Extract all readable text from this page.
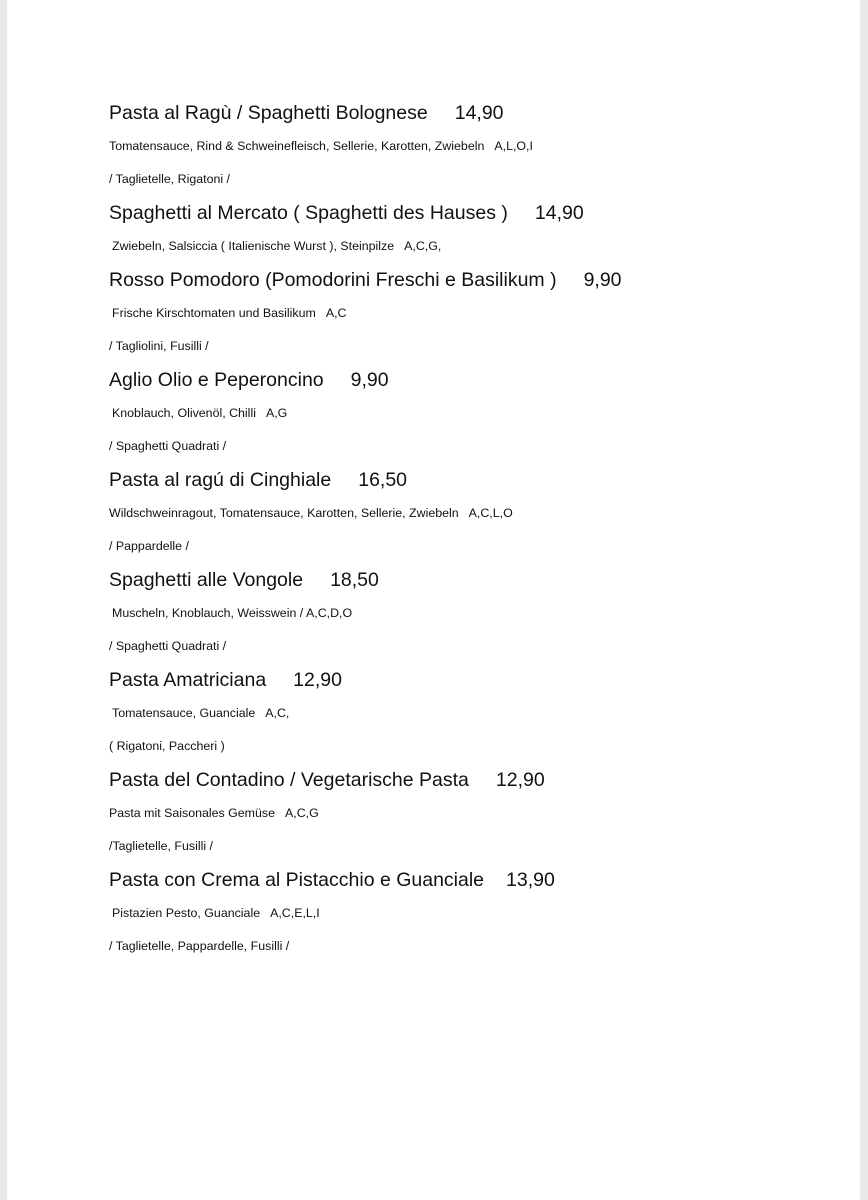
Pasta al Ragù / Spaghetti Bolognese 14,90
Tomatensauce, Rind & Schweinefleisch, Sellerie, Karotten, Zwiebeln A,L,O,I
/ Taglietelle, Rigatoni /
Spaghetti al Mercato ( Spaghetti des Hauses ) 14,90
Zwiebeln, Salsiccia ( Italienische Wurst ), Steinpilze A,C,G,
Rosso Pomodoro (Pomodorini Freschi e Basilikum ) 9,90
Frische Kirschtomaten und Basilikum A,C
/ Tagliolini, Fusilli /
Aglio Olio e Peperoncino 9,90
Knoblauch, Olivenöl, Chilli A,G
/ Spaghetti Quadrati /
Pasta al ragú di Cinghiale 16,50
Wildschweinragout, Tomatensauce, Karotten, Sellerie, Zwiebeln A,C,L,O
/ Pappardelle /
Spaghetti alle Vongole 18,50
Muscheln, Knoblauch, Weisswein / A,C,D,O
/ Spaghetti Quadrati /
Pasta Amatriciana 12,90
Tomatensauce, Guanciale A,C,
( Rigatoni, Paccheri )
Pasta del Contadino / Vegetarische Pasta 12,90
Pasta mit Saisonales Gemüse A,C,G
/Taglietelle, Fusilli /
Pasta con Crema al Pistacchio e Guanciale 13,90
Pistazien Pesto, Guanciale A,C,E,L,I
/ Taglietelle, Pappardelle, Fusilli /
